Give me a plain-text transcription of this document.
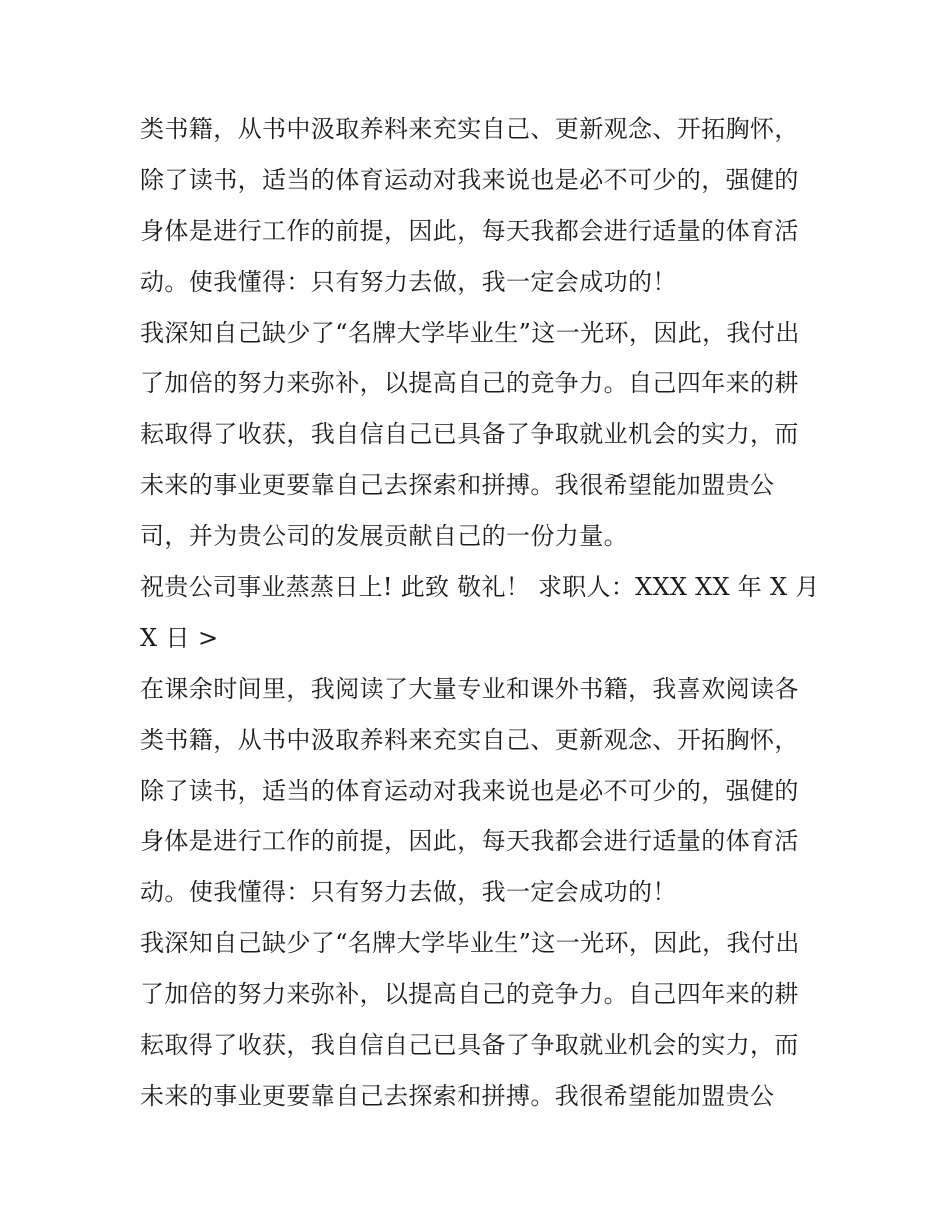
类书籍，从书中汲取养料来充实自己、更新观念、开拓胸怀，
除了读书，适当的体育运动对我来说也是必不可少的，强健的
身体是进行工作的前提，因此，每天我都会进行适量的体育活
动。使我懂得：只有努力去做，我一定会成功的！
我深知自己缺少了“名牌大学毕业生”这一光环，因此，我付出
了加倍的努力来弥补，以提高自己的竞争力。自己四年来的耕
耘取得了收获，我自信自己已具备了争取就业机会的实力，而
未来的事业更要靠自己去探索和拼搏。我很希望能加盟贵公
司，并为贵公司的发展贡献自己的一份力量。
祝贵公司事业蒸蒸日上! 此致 敬礼！ 求职人：XXX XX 年 X 月
X 日 >
在课余时间里，我阅读了大量专业和课外书籍，我喜欢阅读各
类书籍，从书中汲取养料来充实自己、更新观念、开拓胸怀，
除了读书，适当的体育运动对我来说也是必不可少的，强健的
身体是进行工作的前提，因此，每天我都会进行适量的体育活
动。使我懂得：只有努力去做，我一定会成功的！
我深知自己缺少了“名牌大学毕业生”这一光环，因此，我付出
了加倍的努力来弥补，以提高自己的竞争力。自己四年来的耕
耘取得了收获，我自信自己已具备了争取就业机会的实力，而
未来的事业更要靠自己去探索和拼搏。我很希望能加盟贵公
